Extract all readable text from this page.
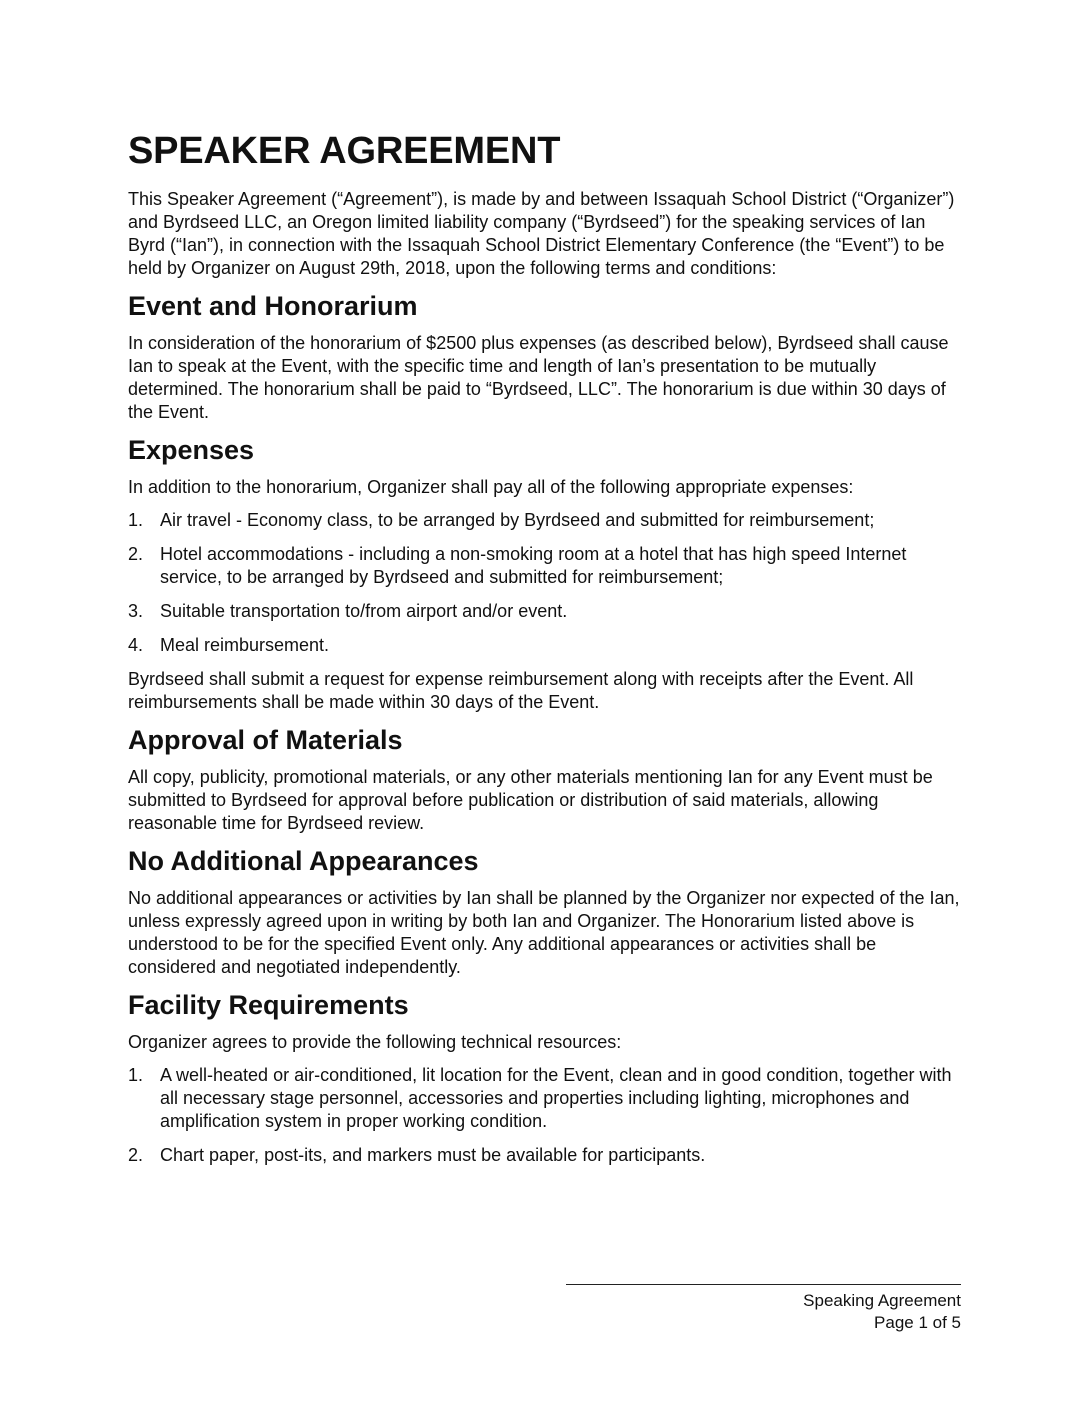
SPEAKER AGREEMENT

This Speaker Agreement (“Agreement”), is made by and between Issaquah School District (“Organizer”) and Byrdseed LLC, an Oregon limited liability company (“Byrdseed”) for the speaking services of Ian Byrd (“Ian”), in connection with the Issaquah School District Elementary Conference (the “Event”) to be held by Organizer on August 29th, 2018, upon the following terms and conditions:

Event and Honorarium

In consideration of the honorarium of $2500 plus expenses (as described below), Byrdseed shall cause Ian to speak at the Event, with the specific time and length of Ian’s presentation to be mutually determined. The honorarium shall be paid to “Byrdseed, LLC”. The honorarium is due within 30 days of the Event.

Expenses

In addition to the honorarium, Organizer shall pay all of the following appropriate expenses:

1. Air travel - Economy class, to be arranged by Byrdseed and submitted for reimbursement;
2. Hotel accommodations - including a non-smoking room at a hotel that has high speed Internet service, to be arranged by Byrdseed and submitted for reimbursement;
3. Suitable transportation to/from airport and/or event.
4. Meal reimbursement.

Byrdseed shall submit a request for expense reimbursement along with receipts after the Event. All reimbursements shall be made within 30 days of the Event.

Approval of Materials

All copy, publicity, promotional materials, or any other materials mentioning Ian for any Event must be submitted to Byrdseed for approval before publication or distribution of said materials, allowing reasonable time for Byrdseed review.

No Additional Appearances

No additional appearances or activities by Ian shall be planned by the Organizer nor expected of the Ian, unless expressly agreed upon in writing by both Ian and Organizer. The Honorarium listed above is understood to be for the specified Event only. Any additional appearances or activities shall be considered and negotiated independently.

Facility Requirements

Organizer agrees to provide the following technical resources:

1. A well-heated or air-conditioned, lit location for the Event, clean and in good condition, together with all necessary stage personnel, accessories and properties including lighting, microphones and amplification system in proper working condition.
2. Chart paper, post-its, and markers must be available for participants.
Speaking Agreement
Page 1 of 5
